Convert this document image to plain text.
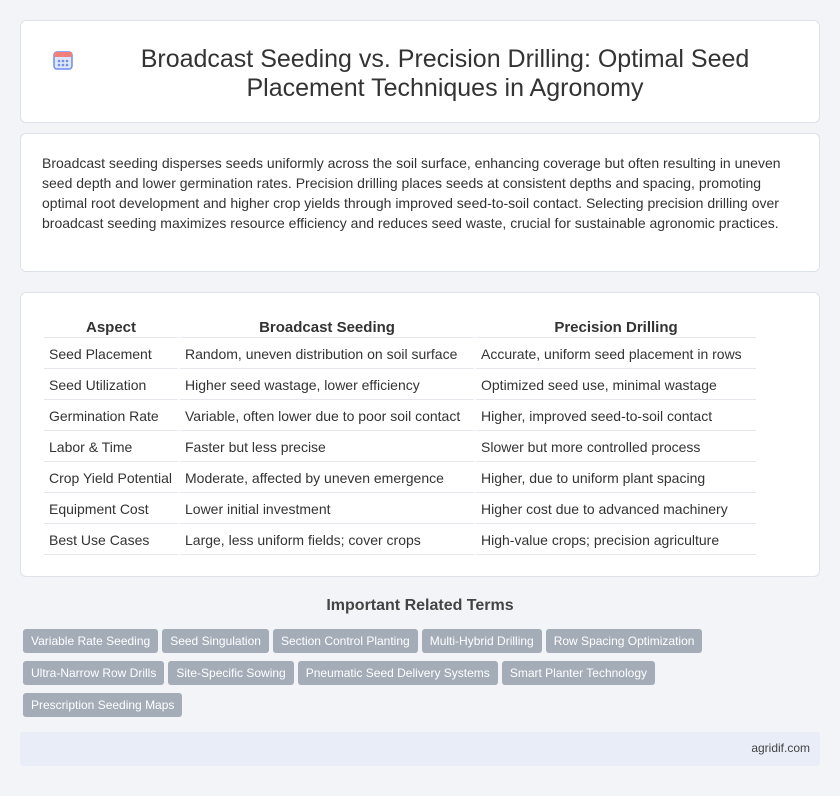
Broadcast Seeding vs. Precision Drilling: Optimal Seed Placement Techniques in Agronomy

Broadcast seeding disperses seeds uniformly across the soil surface, enhancing coverage but often resulting in uneven seed depth and lower germination rates. Precision drilling places seeds at consistent depths and spacing, promoting optimal root development and higher crop yields through improved seed-to-soil contact. Selecting precision drilling over broadcast seeding maximizes resource efficiency and reduces seed waste, crucial for sustainable agronomic practices.

Aspect	Broadcast Seeding	Precision Drilling
Seed Placement	Random, uneven distribution on soil surface	Accurate, uniform seed placement in rows
Seed Utilization	Higher seed wastage, lower efficiency	Optimized seed use, minimal wastage
Germination Rate	Variable, often lower due to poor soil contact	Higher, improved seed-to-soil contact
Labor & Time	Faster but less precise	Slower but more controlled process
Crop Yield Potential	Moderate, affected by uneven emergence	Higher, due to uniform plant spacing
Equipment Cost	Lower initial investment	Higher cost due to advanced machinery
Best Use Cases	Large, less uniform fields; cover crops	High-value crops; precision agriculture
Important Related Terms
Variable Rate Seeding Seed Singulation Section Control Planting Multi-Hybrid Drilling Row Spacing Optimization
Ultra-Narrow Row Drills Site-Specific Sowing Pneumatic Seed Delivery Systems Smart Planter Technology
Prescription Seeding Maps
agridif.com
